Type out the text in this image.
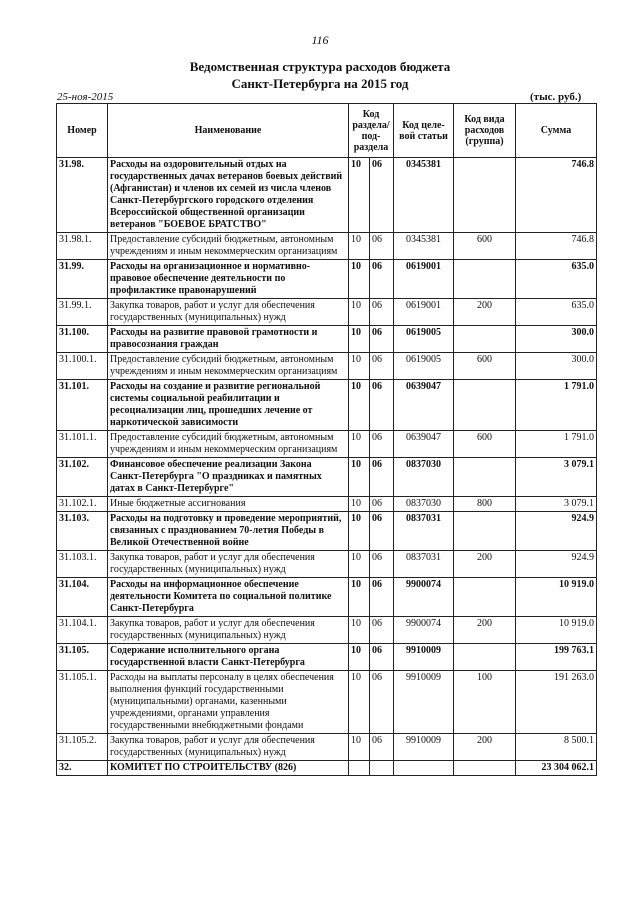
116
Ведомственная структура расходов бюджета
Санкт-Петербурга на 2015 год
25-ноя-2015	(тыс. руб.)
Номер	Наименование	Код раздела/ под- раздела		Код целе- вой статьи	Код вида расходов (группа)	Сумма
31.98.	Расходы на оздоровительный отдых на государственных дачах ветеранов боевых действий (Афганистан) и членов их семей из числа членов Санкт-Петербургского городского отделения Всероссийской общественной организации ветеранов "БОЕВОЕ БРАТСТВО"	10	06	0345381		746.8
31.98.1.	Предоставление субсидий бюджетным, автономным учреждениям и иным некоммерческим организациям	10	06	0345381	600	746.8
31.99.	Расходы на организационное и нормативно-правовое обеспечение деятельности по профилактике правонарушений	10	06	0619001		635.0
31.99.1.	Закупка товаров, работ и услуг для обеспечения государственных (муниципальных) нужд	10	06	0619001	200	635.0
31.100.	Расходы на развитие правовой грамотности и правосознания граждан	10	06	0619005		300.0
31.100.1.	Предоставление субсидий бюджетным, автономным учреждениям и иным некоммерческим организациям	10	06	0619005	600	300.0
31.101.	Расходы на создание и развитие региональной системы социальной реабилитации и ресоциализации лиц, прошедших лечение от наркотической зависимости	10	06	0639047		1 791.0
31.101.1.	Предоставление субсидий бюджетным, автономным учреждениям и иным некоммерческим организациям	10	06	0639047	600	1 791.0
31.102.	Финансовое обеспечение реализации Закона Санкт-Петербурга "О праздниках и памятных датах в Санкт-Петербурге"	10	06	0837030		3 079.1
31.102.1.	Иные бюджетные ассигнования	10	06	0837030	800	3 079.1
31.103.	Расходы на подготовку и проведение мероприятий, связанных с празднованием 70-летия Победы в Великой Отечественной войне	10	06	0837031		924.9
31.103.1.	Закупка товаров, работ и услуг для обеспечения государственных (муниципальных) нужд	10	06	0837031	200	924.9
31.104.	Расходы на информационное обеспечение деятельности Комитета по социальной политике Санкт-Петербурга	10	06	9900074		10 919.0
31.104.1.	Закупка товаров, работ и услуг для обеспечения государственных (муниципальных) нужд	10	06	9900074	200	10 919.0
31.105.	Содержание исполнительного органа государственной власти Санкт-Петербурга	10	06	9910009		199 763.1
31.105.1.	Расходы на выплаты персоналу в целях обеспечения выполнения функций государственными (муниципальными) органами, казенными учреждениями, органами управления государственными внебюджетными фондами	10	06	9910009	100	191 263.0
31.105.2.	Закупка товаров, работ и услуг для обеспечения государственных (муниципальных) нужд	10	06	9910009	200	8 500.1
32.	КОМИТЕТ ПО СТРОИТЕЛЬСТВУ (826)					23 304 062.1
